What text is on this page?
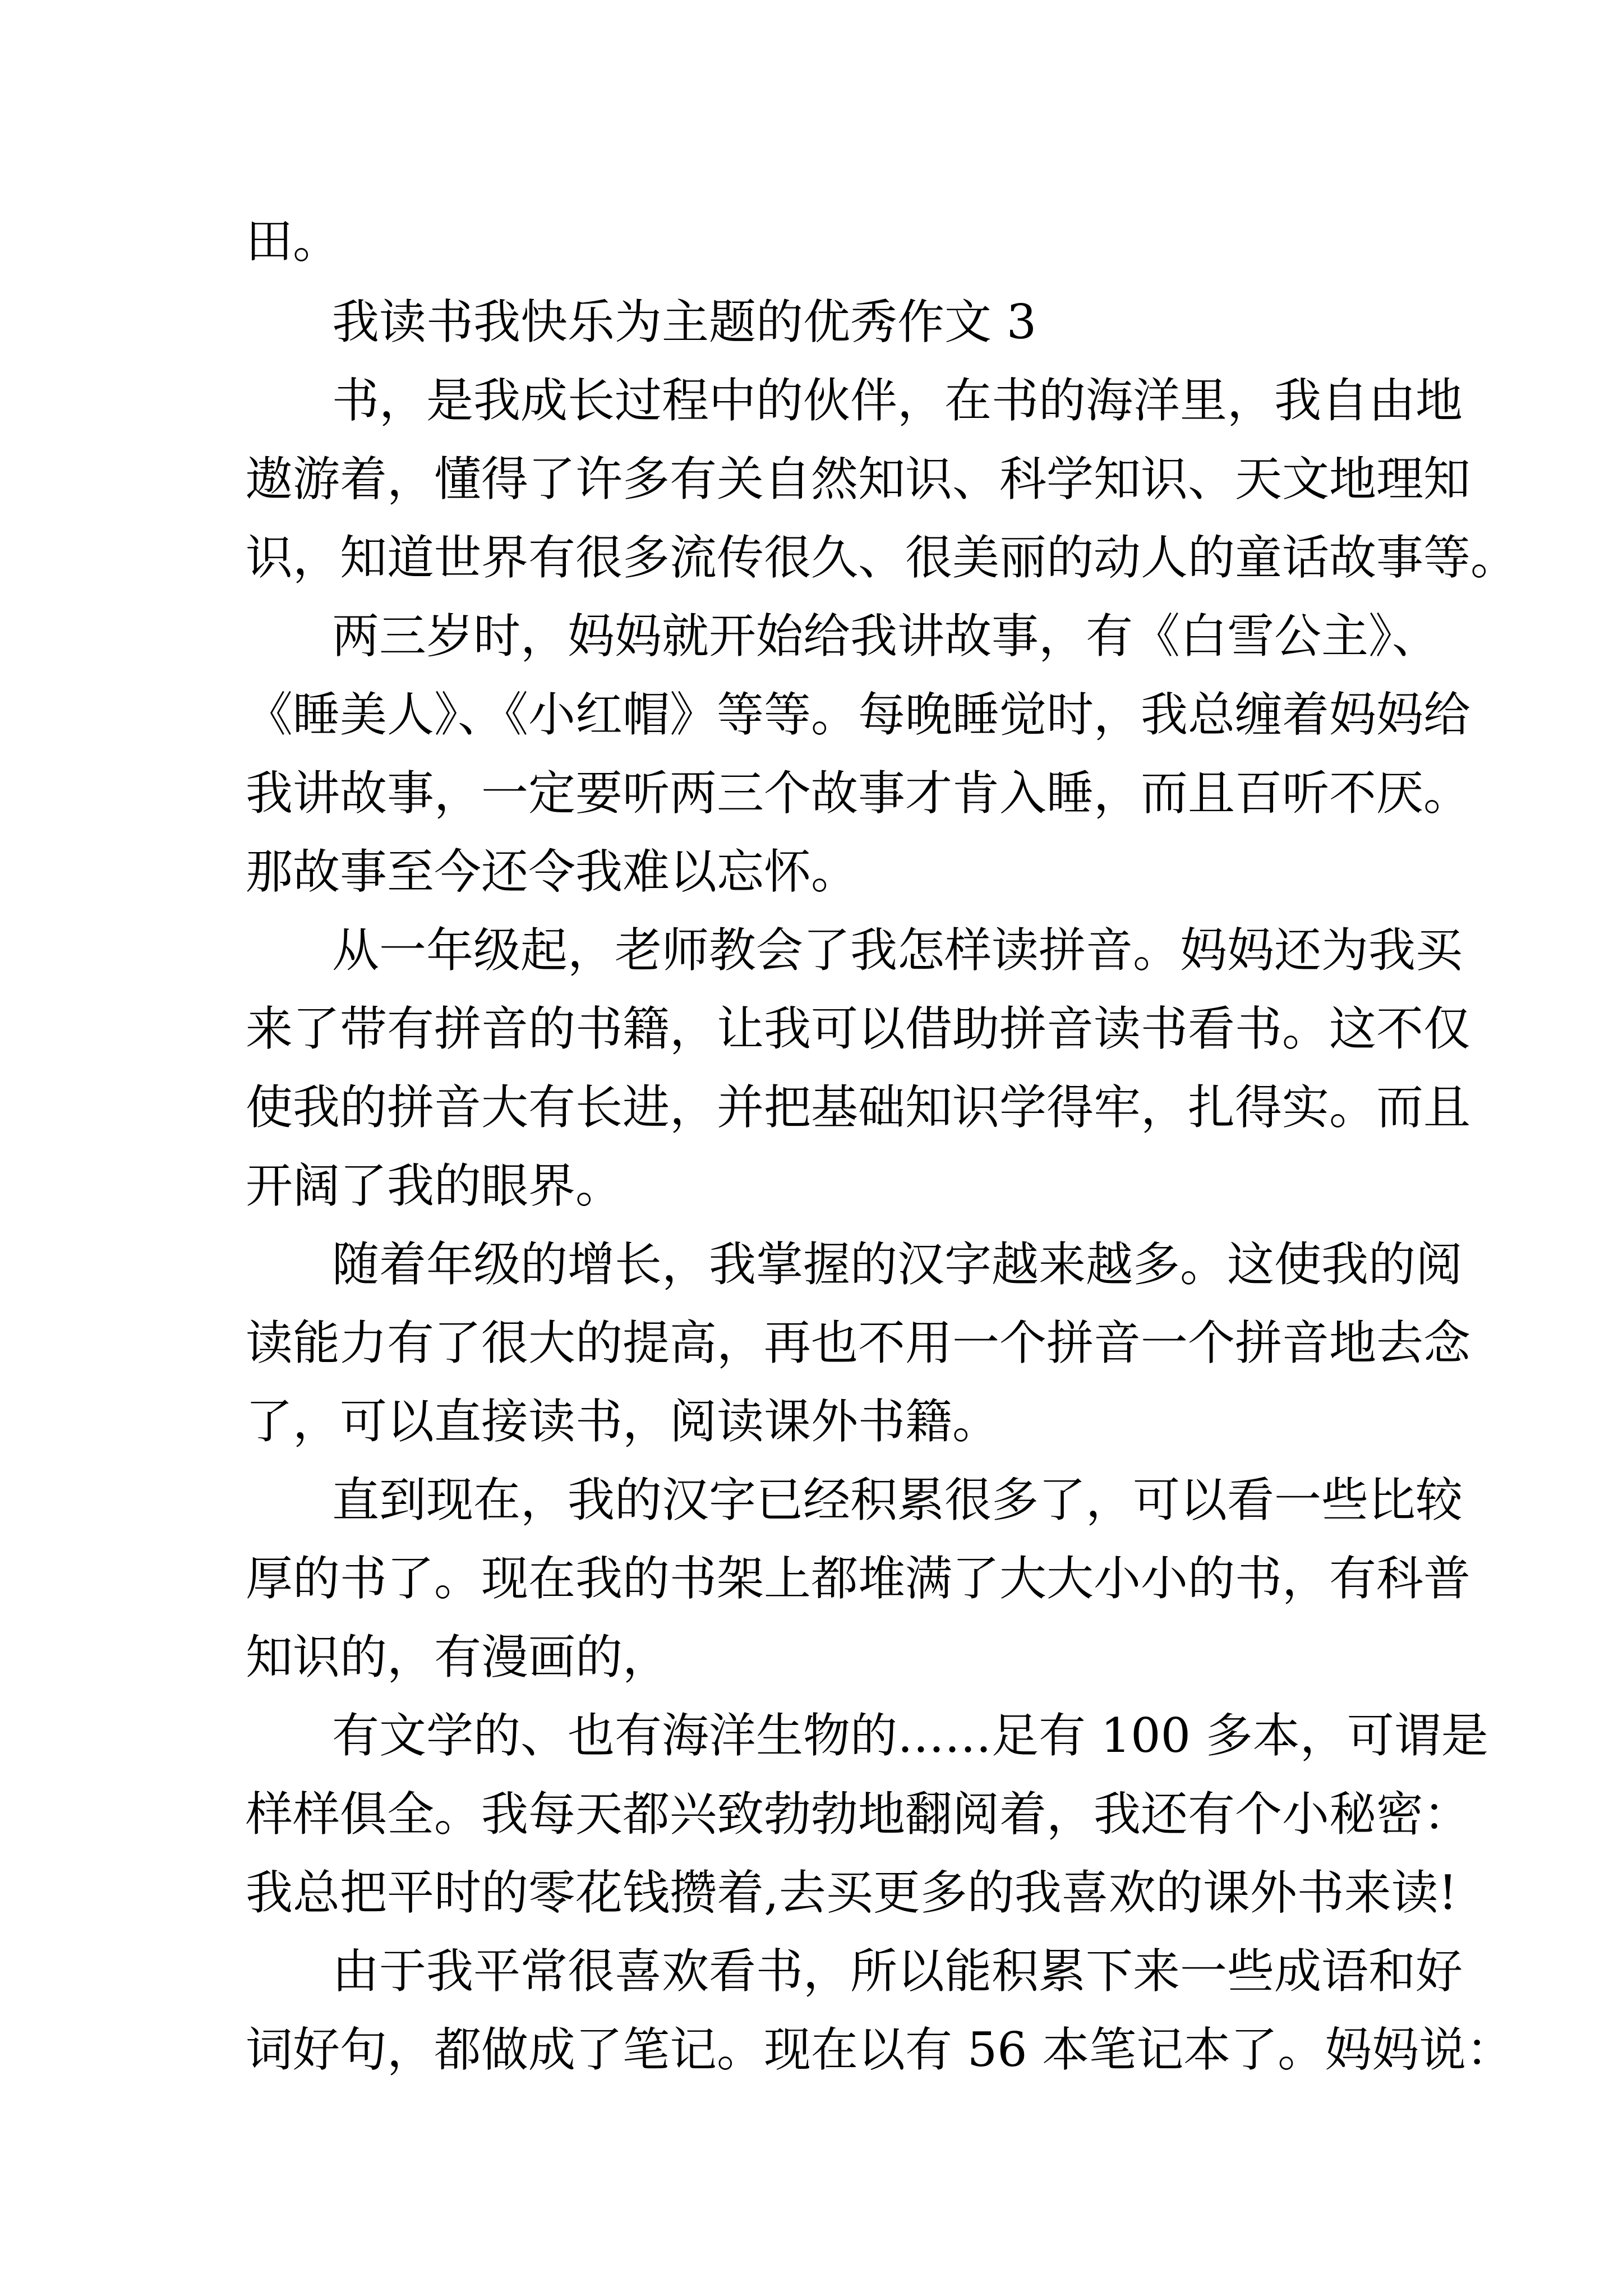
田。
我读书我快乐为主题的优秀作文 3
书，是我成长过程中的伙伴，在书的海洋里，我自由地
遨游着，懂得了许多有关自然知识、科学知识、天文地理知
识，知道世界有很多流传很久、很美丽的动人的童话故事等。
两三岁时，妈妈就开始给我讲故事，有《白雪公主》、
《睡美人》、《小红帽》等等。每晚睡觉时，我总缠着妈妈给
我讲故事，一定要听两三个故事才肯入睡，而且百听不厌。
那故事至今还令我难以忘怀。
从一年级起，老师教会了我怎样读拼音。妈妈还为我买
来了带有拼音的书籍，让我可以借助拼音读书看书。这不仅
使我的拼音大有长进，并把基础知识学得牢，扎得实。而且
开阔了我的眼界。
随着年级的增长，我掌握的汉字越来越多。这使我的阅
读能力有了很大的提高，再也不用一个拼音一个拼音地去念
了，可以直接读书，阅读课外书籍。
直到现在，我的汉字已经积累很多了，可以看一些比较
厚的书了。现在我的书架上都堆满了大大小小的书，有科普
知识的，有漫画的，
有文学的、也有海洋生物的……足有 100 多本，可谓是
样样俱全。我每天都兴致勃勃地翻阅着，我还有个小秘密：
我总把平时的零花钱攒着,去买更多的我喜欢的课外书来读!
由于我平常很喜欢看书，所以能积累下来一些成语和好
词好句，都做成了笔记。现在以有 56 本笔记本了。妈妈说：
